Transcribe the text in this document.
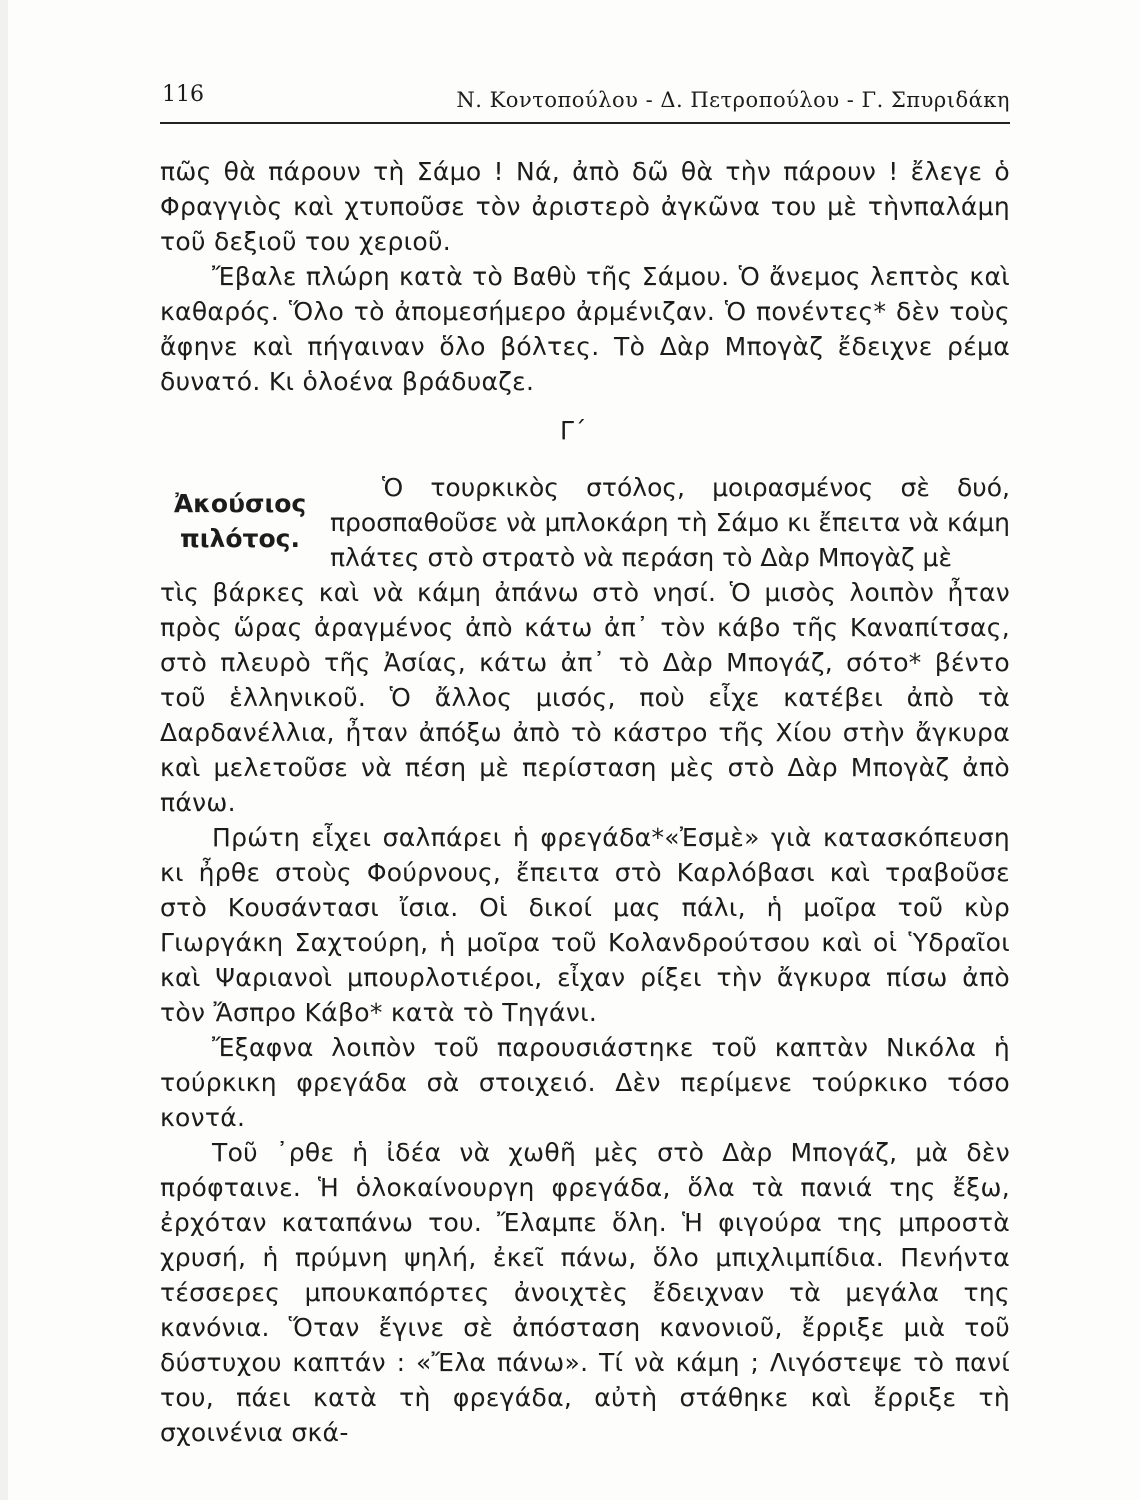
116	Ν. Κοντοπούλου - Δ. Πετροπούλου - Γ. Σπυριδάκη

πῶς θὰ πάρουν τὴ Σάμο ! Νά, ἀπὸ δῶ θὰ τὴν πάρουν ! ἔλεγε ὁ Φραγγιὸς καὶ χτυποῦσε τὸν ἀριστερὸ ἀγκῶνα του μὲ τὴνπαλάμη τοῦ δεξιοῦ του χεριοῦ.

Ἔβαλε πλώρη κατὰ τὸ Βαθὺ τῆς Σάμου. Ὁ ἄνεμος λεπτὸς καὶ καθαρός. Ὅλο τὸ ἀπομεσήμερο ἀρμένιζαν. Ὁ πονέντες* δὲν τοὺς ἄφηνε καὶ πήγαιναν ὅλο βόλτες. Τὸ Δὰρ Μπογὰζ ἔδειχνε ρέμα δυνατό. Κι ὁλοένα βράδυαζε.

Γ΄
Ἀκούσιος πιλότος.

Ὁ τουρκικὸς στόλος, μοιρασμένος σὲ δυό, προσπαθοῦσε νὰ μπλοκάρη τὴ Σάμο κι ἔπειτα νὰ κάμη πλάτες στὸ στρατὸ νὰ περάση τὸ Δὰρ Μπογὰζ μὲ

τὶς βάρκες καὶ νὰ κάμη ἀπάνω στὸ νησί. Ὁ μισὸς λοιπὸν ἦταν πρὸς ὥρας ἀραγμένος ἀπὸ κάτω ἀπ᾿ τὸν κάβο τῆς Καναπίτσας, στὸ πλευρὸ τῆς Ἀσίας, κάτω ἀπ᾿ τὸ Δὰρ Μπογάζ, σότο* βέντο τοῦ ἑλληνικοῦ. Ὁ ἄλλος μισός, ποὺ εἶχε κατέβει ἀπὸ τὰ Δαρδανέλλια, ἦταν ἀπόξω ἀπὸ τὸ κάστρο τῆς Χίου στὴν ἄγκυρα καὶ μελετοῦσε νὰ πέση μὲ περίσταση μὲς στὸ Δὰρ Μπογὰζ ἀπὸ πάνω.

Πρώτη εἶχει σαλπάρει ἡ φρεγάδα*«Ἐσμὲ» γιὰ κατασκόπευση κι ἦρθε στοὺς Φούρνους, ἔπειτα στὸ Καρλόβασι καὶ τραβοῦσε στὸ Κουσάντασι ἴσια. Οἱ δικοί μας πάλι, ἡ μοῖρα τοῦ κὺρ Γιωργάκη Σαχτούρη, ἡ μοῖρα τοῦ Κολανδρούτσου καὶ οἱ Ὑδραῖοι καὶ Ψαριανοὶ μπουρλοτιέροι, εἶχαν ρίξει τὴν ἄγκυρα πίσω ἀπὸ τὸν Ἄσπρο Κάβο* κατὰ τὸ Τηγάνι.

Ἔξαφνα λοιπὸν τοῦ παρουσιάστηκε τοῦ καπτὰν Νικόλα ἡ τούρκικη φρεγάδα σὰ στοιχειό. Δὲν περίμενε τούρκικο τόσο κοντά.

Τοῦ ᾿ρθε ἡ ἰδέα νὰ χωθῆ μὲς στὸ Δὰρ Μπογάζ, μὰ δὲν πρόφταινε. Ἡ ὁλοκαίνουργη φρεγάδα, ὅλα τὰ πανιά της ἔξω, ἐρχόταν καταπάνω του. Ἔλαμπε ὅλη. Ἡ φιγούρα της μπροστὰ χρυσή, ἡ πρύμνη ψηλή, ἐκεῖ πάνω, ὅλο μπιχλιμπίδια. Πενήντα τέσσερες μπουκαπόρτες ἀνοιχτὲς ἔδειχναν τὰ μεγάλα της κανόνια. Ὅταν ἔγινε σὲ ἀπόσταση κανονιοῦ, ἔρριξε μιὰ τοῦ δύστυχου καπτάν : «Ἔλα πάνω». Τί νὰ κάμη ; Λιγόστεψε τὸ πανί του, πάει κατὰ τὴ φρεγάδα, αὐτὴ στάθηκε καὶ ἔρριξε τὴ σχοινένια σκά-
